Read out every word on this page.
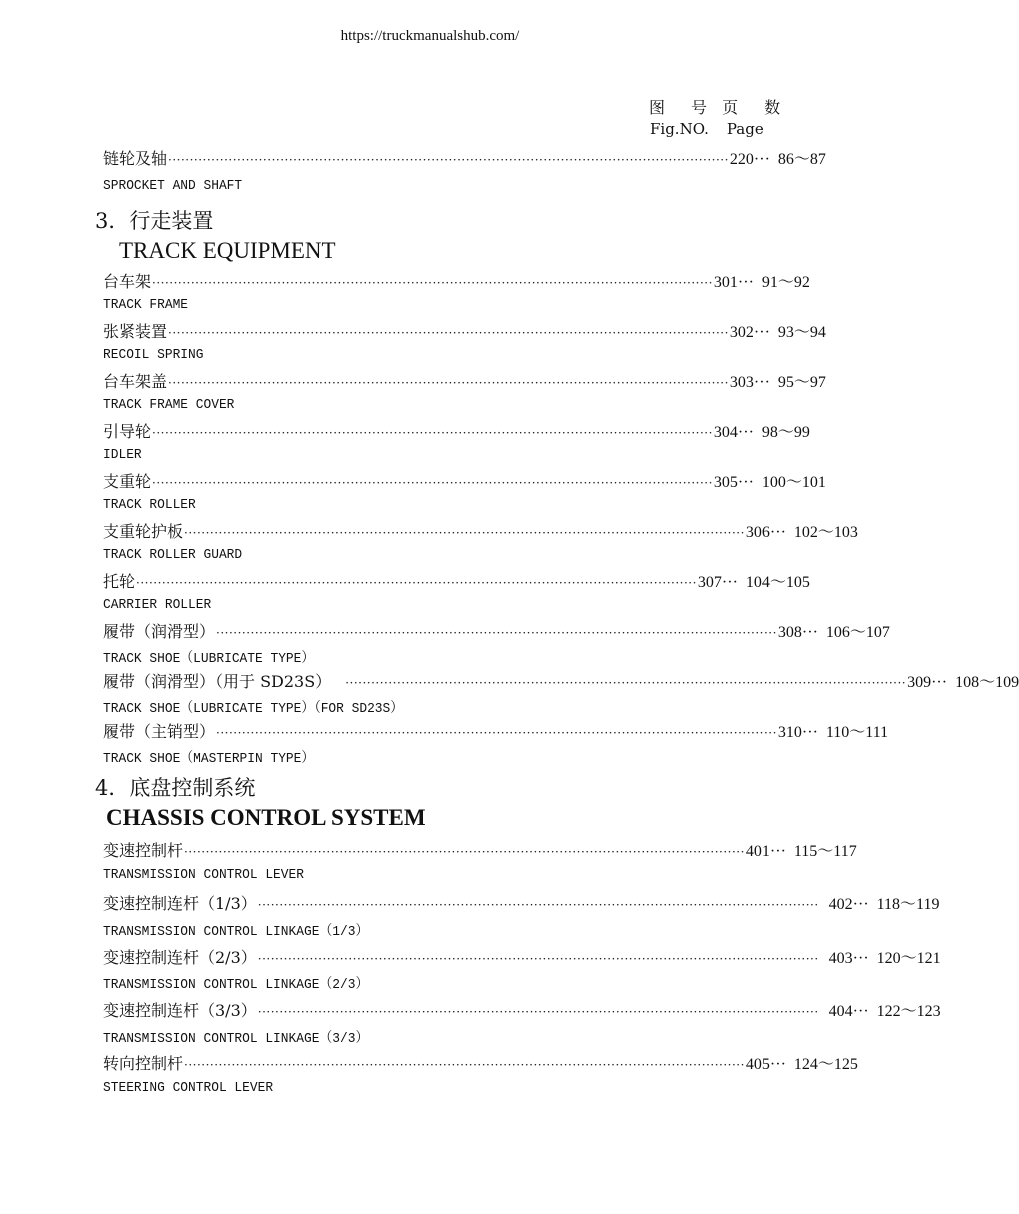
https://truckmanualshub.com/
图　号 页　数
Fig.NO. Page
链轮及轴 ·································································································································· 220··· 86～87
SPROCKET AND SHAFT
3．行走装置
TRACK EQUIPMENT
台车架 ·································································································································· 301··· 91～92
TRACK FRAME
张紧装置 ·································································································································· 302··· 93～94
RECOIL SPRING
台车架盖 ·································································································································· 303··· 95～97
TRACK FRAME COVER
引导轮 ·································································································································· 304··· 98～99
IDLER
支重轮 ·································································································································· 305··· 100～101
TRACK ROLLER
支重轮护板 ·································································································································· 306··· 102～103
TRACK ROLLER GUARD
托轮 ·································································································································· 307··· 104～105
CARRIER ROLLER
履带（润滑型） ·································································································································· 308··· 106～107
TRACK SHOE（LUBRICATE TYPE）
履带（润滑型）（用于 SD23S） ·································································································································· 309··· 108～109
TRACK SHOE（LUBRICATE TYPE）（FOR SD23S）
履带（主销型） ·································································································································· 310··· 110～111
TRACK SHOE（MASTERPIN TYPE）
4．底盘控制系统
CHASSIS CONTROL SYSTEM
变速控制杆 ·································································································································· 401··· 115～117
TRANSMISSION CONTROL LEVER
变速控制连杆（1/3） ·································································································································· 402··· 118～119
TRANSMISSION CONTROL LINKAGE（1/3）
变速控制连杆（2/3） ·································································································································· 403··· 120～121
TRANSMISSION CONTROL LINKAGE（2/3）
变速控制连杆（3/3） ·································································································································· 404··· 122～123
TRANSMISSION CONTROL LINKAGE（3/3）
转向控制杆 ·································································································································· 405··· 124～125
STEERING CONTROL LEVER
